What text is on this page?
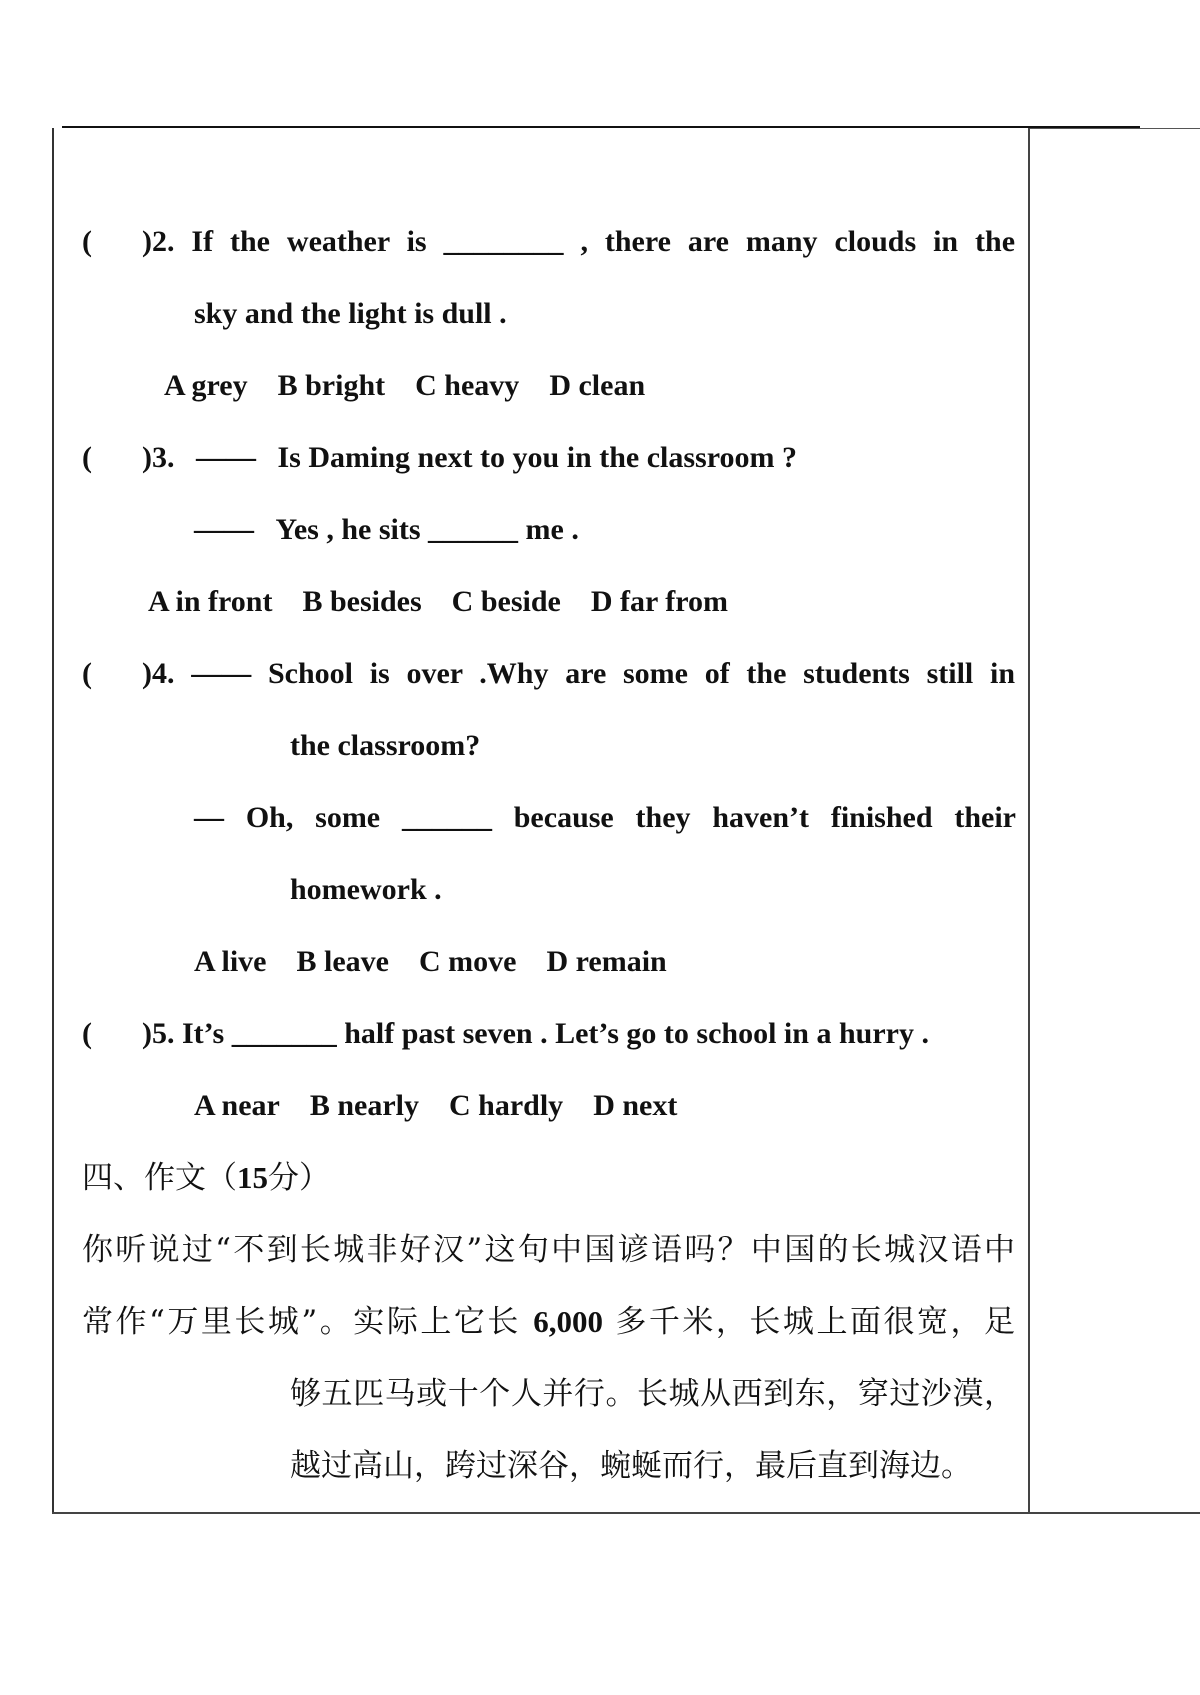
( )2. If the weather is ________ , there are many clouds in the
sky and the light is dull .
A grey B bright C heavy D clean
( )3. —— Is Daming next to you in the classroom ?
—— Yes , he sits ______ me .
A in front B besides C beside D far from
( )4. —— School is over .Why are some of the students still in
the classroom?
— Oh, some ______ because they haven’t finished their
homework .
A live B leave C move D remain
( )5. It’s _______ half past seven . Let’s go to school in a hurry .
A near B nearly C hardly D next
四、作文（15分）
你听说过“不到长城非好汉”这句中国谚语吗？中国的长城汉语中
常作“万里长城”。实际上它长 6,000 多千米，长城上面很宽，足
够五匹马或十个人并行。长城从西到东，穿过沙漠，
越过高山，跨过深谷，蜿蜒而行，最后直到海边。
